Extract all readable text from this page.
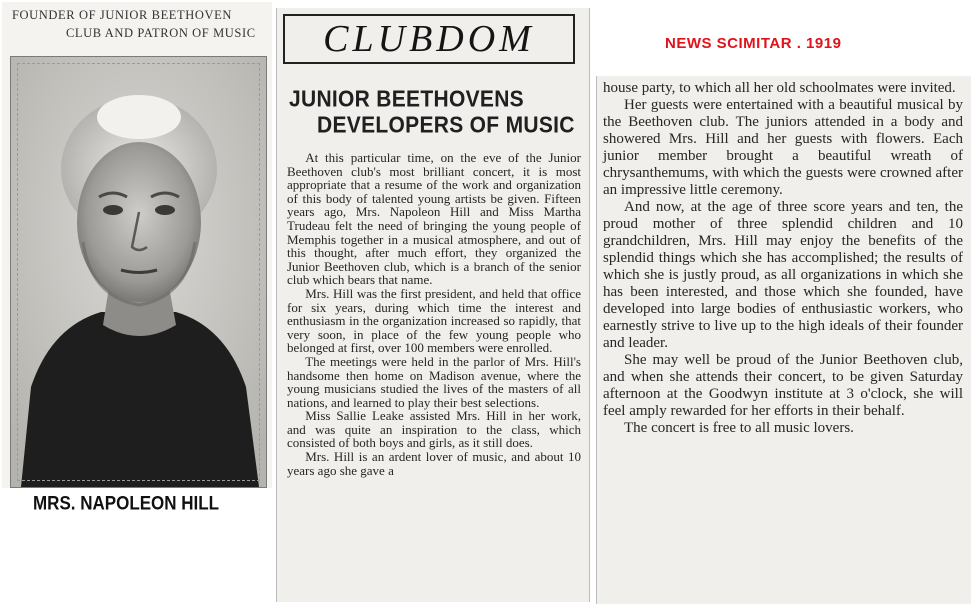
FOUNDER OF JUNIOR BEETHOVEN
CLUB AND PATRON OF MUSIC
MRS. NAPOLEON HILL
CLUBDOM
JUNIOR BEETHOVENS
DEVELOPERS OF MUSIC

At this particular time, on the eve of the Junior Beethoven club's most brilliant concert, it is most appropriate that a resume of the work and organization of this body of talented young artists be given. Fifteen years ago, Mrs. Napoleon Hill and Miss Martha Trudeau felt the need of bringing the young people of Memphis together in a musical atmosphere, and out of this thought, after much effort, they organized the Junior Beethoven club, which is a branch of the senior club which bears that name.

Mrs. Hill was the first president, and held that office for six years, during which time the interest and enthusiasm in the organization increased so rapidly, that very soon, in place of the few young people who belonged at first, over 100 members were enrolled.

The meetings were held in the parlor of Mrs. Hill's handsome then home on Madison avenue, where the young musicians studied the lives of the masters of all nations, and learned to play their best selections.

Miss Sallie Leake assisted Mrs. Hill in her work, and was quite an inspiration to the class, which consisted of both boys and girls, as it still does.

Mrs. Hill is an ardent lover of music, and about 10 years ago she gave a

NEWS SCIMITAR . 1919

house party, to which all her old schoolmates were invited.

Her guests were entertained with a beautiful musical by the Beethoven club. The juniors attended in a body and showered Mrs. Hill and her guests with flowers. Each junior member brought a beautiful wreath of chrysanthemums, with which the guests were crowned after an impressive little ceremony.

And now, at the age of three score years and ten, the proud mother of three splendid children and 10 grandchildren, Mrs. Hill may enjoy the benefits of the splendid things which she has accomplished; the results of which she is justly proud, as all organizations in which she has been interested, and those which she founded, have developed into large bodies of enthusiastic workers, who earnestly strive to live up to the high ideals of their founder and leader.

She may well be proud of the Junior Beethoven club, and when she attends their concert, to be given Saturday afternoon at the Goodwyn institute at 3 o'clock, she will feel amply rewarded for her efforts in their behalf.

The concert is free to all music lovers.
